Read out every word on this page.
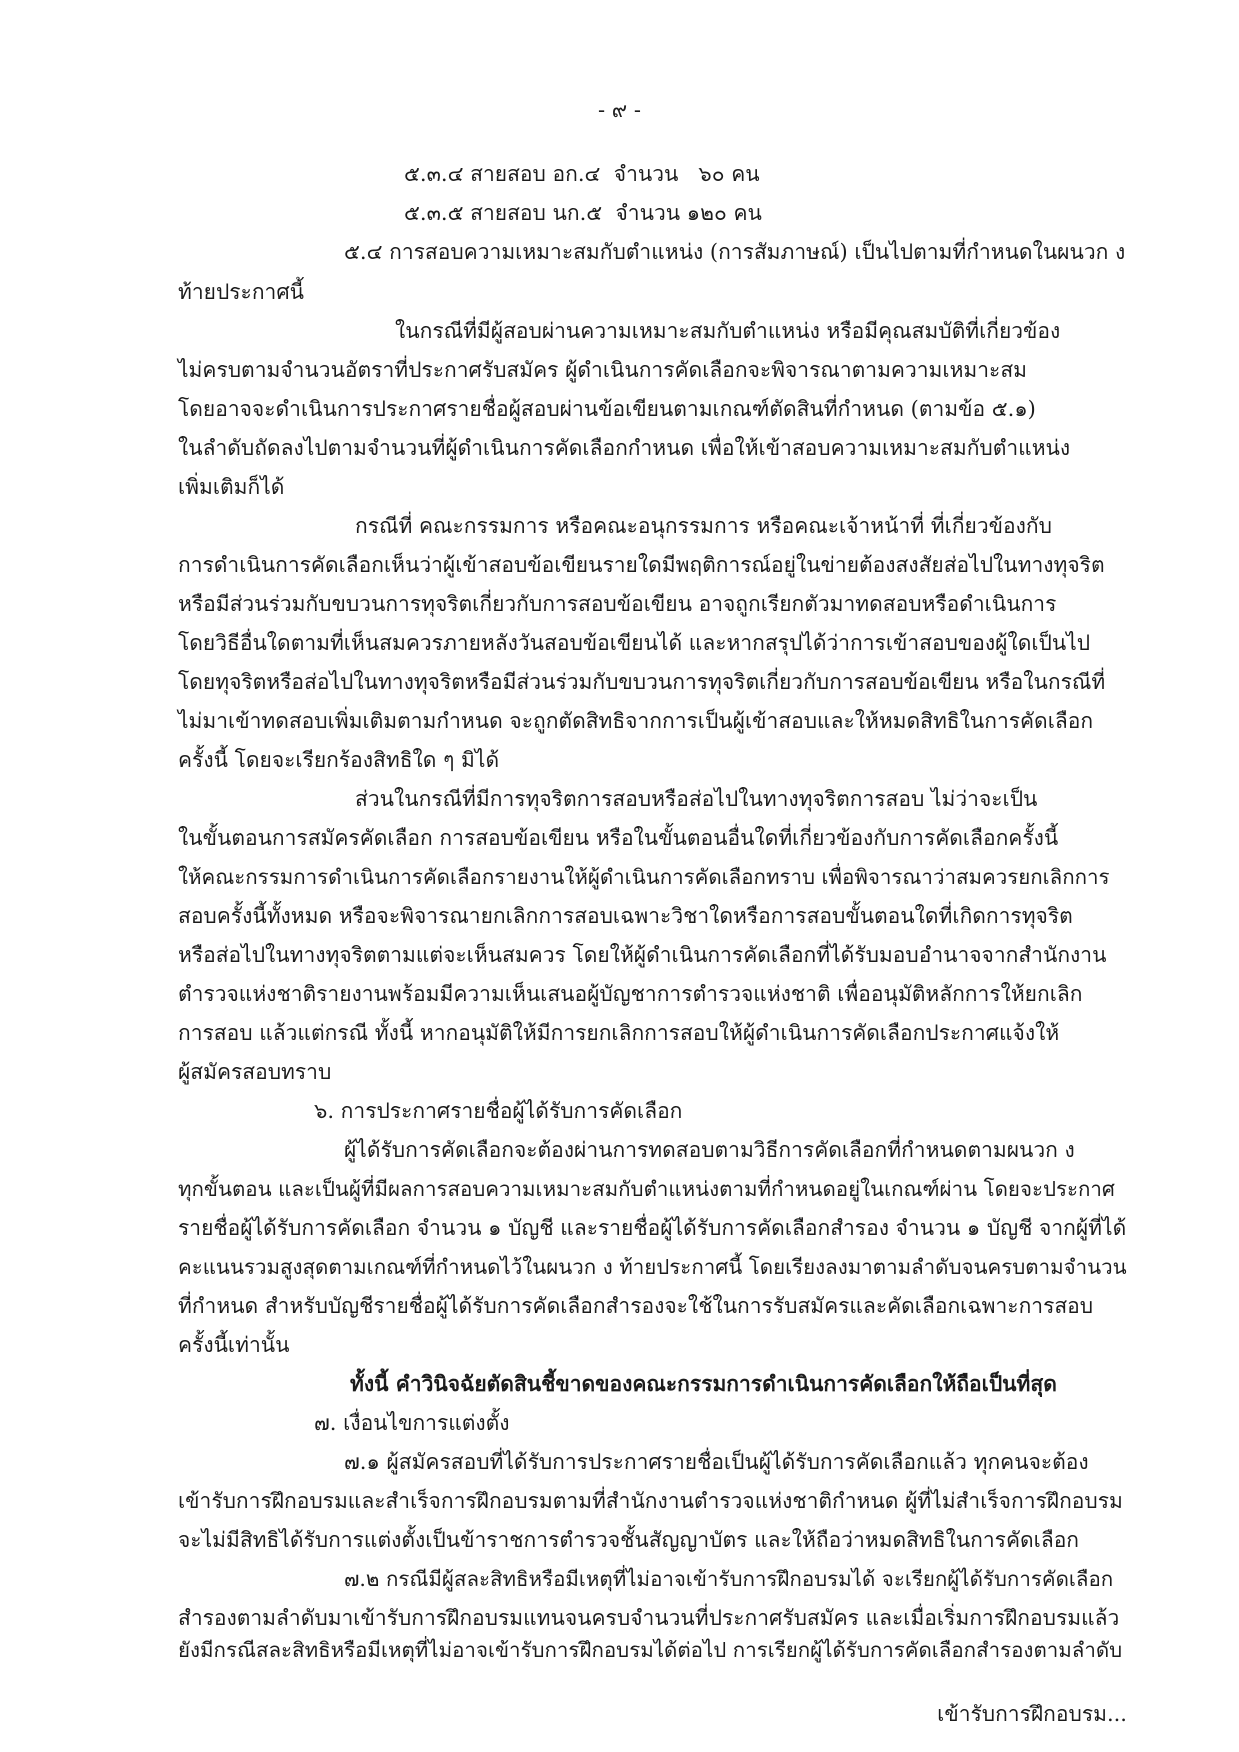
- ๙ -
๕.๓.๔ สายสอบ อก.๔  จำนวน   ๖๐ คน
๕.๓.๕ สายสอบ นก.๕  จำนวน ๑๒๐ คน
๕.๔ การสอบความเหมาะสมกับตำแหน่ง (การสัมภาษณ์) เป็นไปตามที่กำหนดในผนวก ง
ท้ายประกาศนี้
ในกรณีที่มีผู้สอบผ่านความเหมาะสมกับตำแหน่ง หรือมีคุณสมบัติที่เกี่ยวข้อง
ไม่ครบตามจำนวนอัตราที่ประกาศรับสมัคร ผู้ดำเนินการคัดเลือกจะพิจารณาตามความเหมาะสม
โดยอาจจะดำเนินการประกาศรายชื่อผู้สอบผ่านข้อเขียนตามเกณฑ์ตัดสินที่กำหนด (ตามข้อ ๕.๑)
ในลำดับถัดลงไปตามจำนวนที่ผู้ดำเนินการคัดเลือกกำหนด เพื่อให้เข้าสอบความเหมาะสมกับตำแหน่ง
เพิ่มเติมก็ได้
กรณีที่ คณะกรรมการ หรือคณะอนุกรรมการ หรือคณะเจ้าหน้าที่ ที่เกี่ยวข้องกับ
การดำเนินการคัดเลือกเห็นว่าผู้เข้าสอบข้อเขียนรายใดมีพฤติการณ์อยู่ในข่ายต้องสงสัยส่อไปในทางทุจริต
หรือมีส่วนร่วมกับขบวนการทุจริตเกี่ยวกับการสอบข้อเขียน อาจถูกเรียกตัวมาทดสอบหรือดำเนินการ
โดยวิธีอื่นใดตามที่เห็นสมควรภายหลังวันสอบข้อเขียนได้ และหากสรุปได้ว่าการเข้าสอบของผู้ใดเป็นไป
โดยทุจริตหรือส่อไปในทางทุจริตหรือมีส่วนร่วมกับขบวนการทุจริตเกี่ยวกับการสอบข้อเขียน หรือในกรณีที่
ไม่มาเข้าทดสอบเพิ่มเติมตามกำหนด จะถูกตัดสิทธิจากการเป็นผู้เข้าสอบและให้หมดสิทธิในการคัดเลือก
ครั้งนี้ โดยจะเรียกร้องสิทธิใด ๆ มิได้
ส่วนในกรณีที่มีการทุจริตการสอบหรือส่อไปในทางทุจริตการสอบ ไม่ว่าจะเป็น
ในขั้นตอนการสมัครคัดเลือก การสอบข้อเขียน หรือในขั้นตอนอื่นใดที่เกี่ยวข้องกับการคัดเลือกครั้งนี้
ให้คณะกรรมการดำเนินการคัดเลือกรายงานให้ผู้ดำเนินการคัดเลือกทราบ เพื่อพิจารณาว่าสมควรยกเลิกการ
สอบครั้งนี้ทั้งหมด หรือจะพิจารณายกเลิกการสอบเฉพาะวิชาใดหรือการสอบขั้นตอนใดที่เกิดการทุจริต
หรือส่อไปในทางทุจริตตามแต่จะเห็นสมควร โดยให้ผู้ดำเนินการคัดเลือกที่ได้รับมอบอำนาจจากสำนักงาน
ตำรวจแห่งชาติรายงานพร้อมมีความเห็นเสนอผู้บัญชาการตำรวจแห่งชาติ เพื่ออนุมัติหลักการให้ยกเลิก
การสอบ แล้วแต่กรณี ทั้งนี้ หากอนุมัติให้มีการยกเลิกการสอบให้ผู้ดำเนินการคัดเลือกประกาศแจ้งให้
ผู้สมัครสอบทราบ
๖. การประกาศรายชื่อผู้ได้รับการคัดเลือก
ผู้ได้รับการคัดเลือกจะต้องผ่านการทดสอบตามวิธีการคัดเลือกที่กำหนดตามผนวก ง
ทุกขั้นตอน และเป็นผู้ที่มีผลการสอบความเหมาะสมกับตำแหน่งตามที่กำหนดอยู่ในเกณฑ์ผ่าน โดยจะประกาศ
รายชื่อผู้ได้รับการคัดเลือก จำนวน ๑ บัญชี และรายชื่อผู้ได้รับการคัดเลือกสำรอง จำนวน ๑ บัญชี จากผู้ที่ได้
คะแนนรวมสูงสุดตามเกณฑ์ที่กำหนดไว้ในผนวก ง ท้ายประกาศนี้ โดยเรียงลงมาตามลำดับจนครบตามจำนวน
ที่กำหนด สำหรับบัญชีรายชื่อผู้ได้รับการคัดเลือกสำรองจะใช้ในการรับสมัครและคัดเลือกเฉพาะการสอบ
ครั้งนี้เท่านั้น
ทั้งนี้ คำวินิจฉัยตัดสินชี้ขาดของคณะกรรมการดำเนินการคัดเลือกให้ถือเป็นที่สุด
๗. เงื่อนไขการแต่งตั้ง
๗.๑ ผู้สมัครสอบที่ได้รับการประกาศรายชื่อเป็นผู้ได้รับการคัดเลือกแล้ว ทุกคนจะต้อง
เข้ารับการฝึกอบรมและสำเร็จการฝึกอบรมตามที่สำนักงานตำรวจแห่งชาติกำหนด ผู้ที่ไม่สำเร็จการฝึกอบรม
จะไม่มีสิทธิได้รับการแต่งตั้งเป็นข้าราชการตำรวจชั้นสัญญาบัตร และให้ถือว่าหมดสิทธิในการคัดเลือก
๗.๒ กรณีมีผู้สละสิทธิหรือมีเหตุที่ไม่อาจเข้ารับการฝึกอบรมได้ จะเรียกผู้ได้รับการคัดเลือก
สำรองตามลำดับมาเข้ารับการฝึกอบรมแทนจนครบจำนวนที่ประกาศรับสมัคร และเมื่อเริ่มการฝึกอบรมแล้ว
ยังมีกรณีสละสิทธิหรือมีเหตุที่ไม่อาจเข้ารับการฝึกอบรมได้ต่อไป การเรียกผู้ได้รับการคัดเลือกสำรองตามลำดับ
เข้ารับการฝึกอบรม...
